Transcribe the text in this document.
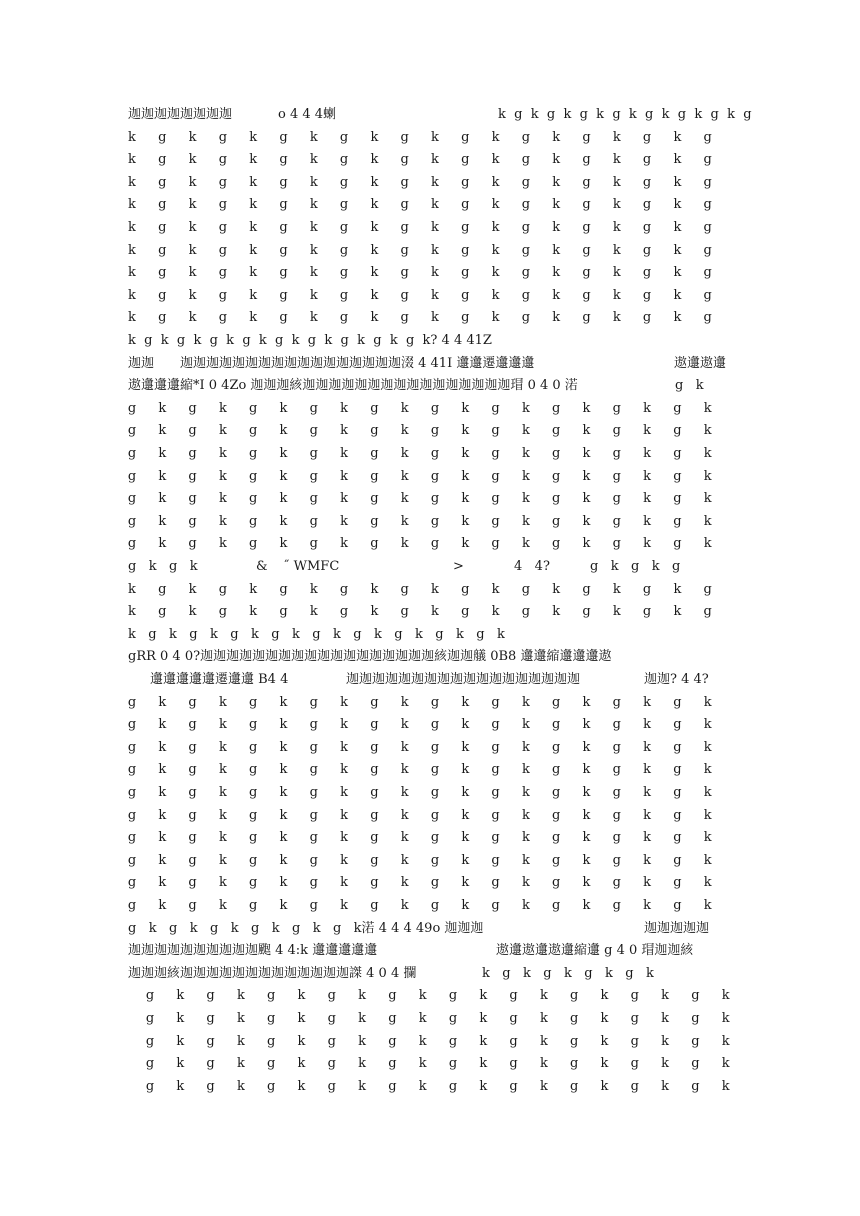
迦迦迦迦迦迦迦迦	o 4 4 4蝲	k  g  k  g  k  g  k  g  k  g  k  g  k  g  k  g
k	g	k	g	k	g	k	g	k	g	k	g	k	g	k	g	k	g	k	g
k	g	k	g	k	g	k	g	k	g	k	g	k	g	k	g	k	g	k	g
k	g	k	g	k	g	k	g	k	g	k	g	k	g	k	g	k	g	k	g
k	g	k	g	k	g	k	g	k	g	k	g	k	g	k	g	k	g	k	g
k	g	k	g	k	g	k	g	k	g	k	g	k	g	k	g	k	g	k	g
k	g	k	g	k	g	k	g	k	g	k	g	k	g	k	g	k	g	k	g
k	g	k	g	k	g	k	g	k	g	k	g	k	g	k	g	k	g	k	g
k	g	k	g	k	g	k	g	k	g	k	g	k	g	k	g	k	g	k	g
k	g	k	g	k	g	k	g	k	g	k	g	k	g	k	g	k	g	k	g
k  g  k  g  k  g  k  g  k  g  k  g  k  g  k  g  k  g  k? 4 4 41Z
迦迦 迦迦迦迦迦迦迦迦迦迦迦迦迦迦迦迦迦涰 4 41I 邍邍遷邍邍邍	遨邍遨邍
遨邍邍邍縮*I 0 4Zo 迦迦迦絯迦迦迦迦迦迦迦迦迦迦迦迦迦迦迦迦瑁 0 4 0 渃	g   k
g	k	g	k	g	k	g	k	g	k	g	k	g	k	g	k	g	k	g	k
g	k	g	k	g	k	g	k	g	k	g	k	g	k	g	k	g	k	g	k
g	k	g	k	g	k	g	k	g	k	g	k	g	k	g	k	g	k	g	k
g	k	g	k	g	k	g	k	g	k	g	k	g	k	g	k	g	k	g	k
g	k	g	k	g	k	g	k	g	k	g	k	g	k	g	k	g	k	g	k
g	k	g	k	g	k	g	k	g	k	g	k	g	k	g	k	g	k	g	k
g	k	g	k	g	k	g	k	g	k	g	k	g	k	g	k	g	k	g	k
g   k   g   k	& ˝ WMFC	>	4   4?	g   k   g   k   g
k	g	k	g	k	g	k	g	k	g	k	g	k	g	k	g	k	g	k	g
k	g	k	g	k	g	k	g	k	g	k	g	k	g	k	g	k	g	k	g
k   g   k   g   k   g   k   g   k   g   k   g   k   g   k   g   k   g   k
gRR 0 4 0?迦迦迦迦迦迦迦迦迦迦迦迦迦迦迦迦迦迦絯迦迦艤 0B8 邍邍縮邍邍邍遨
邍邍邍邍邍遷邍邍 B4 4	迦迦迦迦迦迦迦迦迦迦迦迦迦迦迦迦迦迦	迦迦? 4 4?
g	k	g	k	g	k	g	k	g	k	g	k	g	k	g	k	g	k	g	k
g	k	g	k	g	k	g	k	g	k	g	k	g	k	g	k	g	k	g	k
g	k	g	k	g	k	g	k	g	k	g	k	g	k	g	k	g	k	g	k
g	k	g	k	g	k	g	k	g	k	g	k	g	k	g	k	g	k	g	k
g	k	g	k	g	k	g	k	g	k	g	k	g	k	g	k	g	k	g	k
g	k	g	k	g	k	g	k	g	k	g	k	g	k	g	k	g	k	g	k
g	k	g	k	g	k	g	k	g	k	g	k	g	k	g	k	g	k	g	k
g	k	g	k	g	k	g	k	g	k	g	k	g	k	g	k	g	k	g	k
g	k	g	k	g	k	g	k	g	k	g	k	g	k	g	k	g	k	g	k
g	k	g	k	g	k	g	k	g	k	g	k	g	k	g	k	g	k	g	k
g   k   g   k   g   k   g   k   g   k   g   k渃 4 4 4 49o 迦迦迦	迦迦迦迦迦
迦迦迦迦迦迦迦迦迦迦颮 4 4:k 邍邍邍邍邍	遨邍遨邍遨邍縮邍 g 4 0 瑁迦迦絯
迦迦迦絯迦迦迦迦迦迦迦迦迦迦迦迦迦謋 4 0 4 攔	k   g   k   g   k   g   k   g   k
g	k	g	k	g	k	g	k	g	k	g	k	g	k	g	k	g	k	g	k
g	k	g	k	g	k	g	k	g	k	g	k	g	k	g	k	g	k	g	k
g	k	g	k	g	k	g	k	g	k	g	k	g	k	g	k	g	k	g	k
g	k	g	k	g	k	g	k	g	k	g	k	g	k	g	k	g	k	g	k
g	k	g	k	g	k	g	k	g	k	g	k	g	k	g	k	g	k	g	k
